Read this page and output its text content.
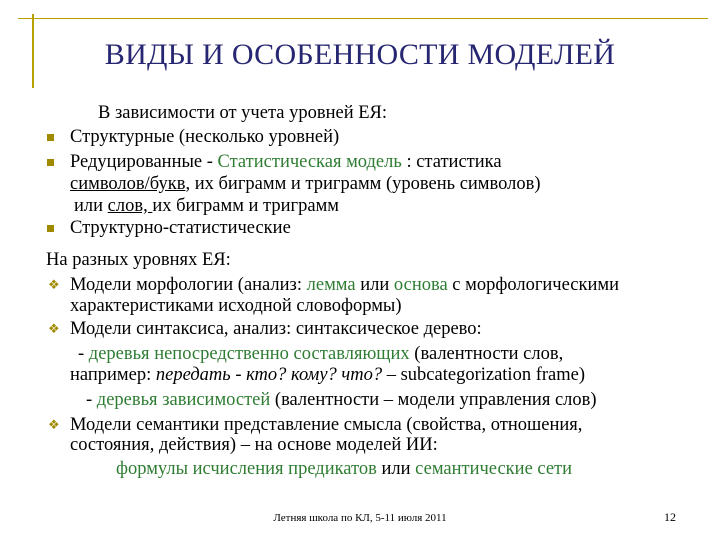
ВИДЫ И ОСОБЕННОСТИ МОДЕЛЕЙ
В зависимости от учета уровней ЕЯ:
Структурные (несколько уровней)
Редуцированные - Статистическая модель : статистика
символов/букв, их биграмм и триграмм (уровень символов)
или слов, их биграмм и триграмм
Структурно-статистические
На разных уровнях ЕЯ:
❖ Модели морфологии (анализ: лемма или основа с морфологическими
характеристиками исходной словоформы)
❖ Модели синтаксиса, анализ: синтаксическое дерево:
- деревья непосредственно составляющих (валентности слов,
например: передать - кто? кому? что? – subcategorization frame)
- деревья зависимостей (валентности – модели управления слов)
❖ Модели семантики представление смысла (свойства, отношения,
состояния, действия) – на основе моделей ИИ:
формулы исчисления предикатов или семантические сети
Летняя школа по КЛ, 5-11 июля 2011	12
